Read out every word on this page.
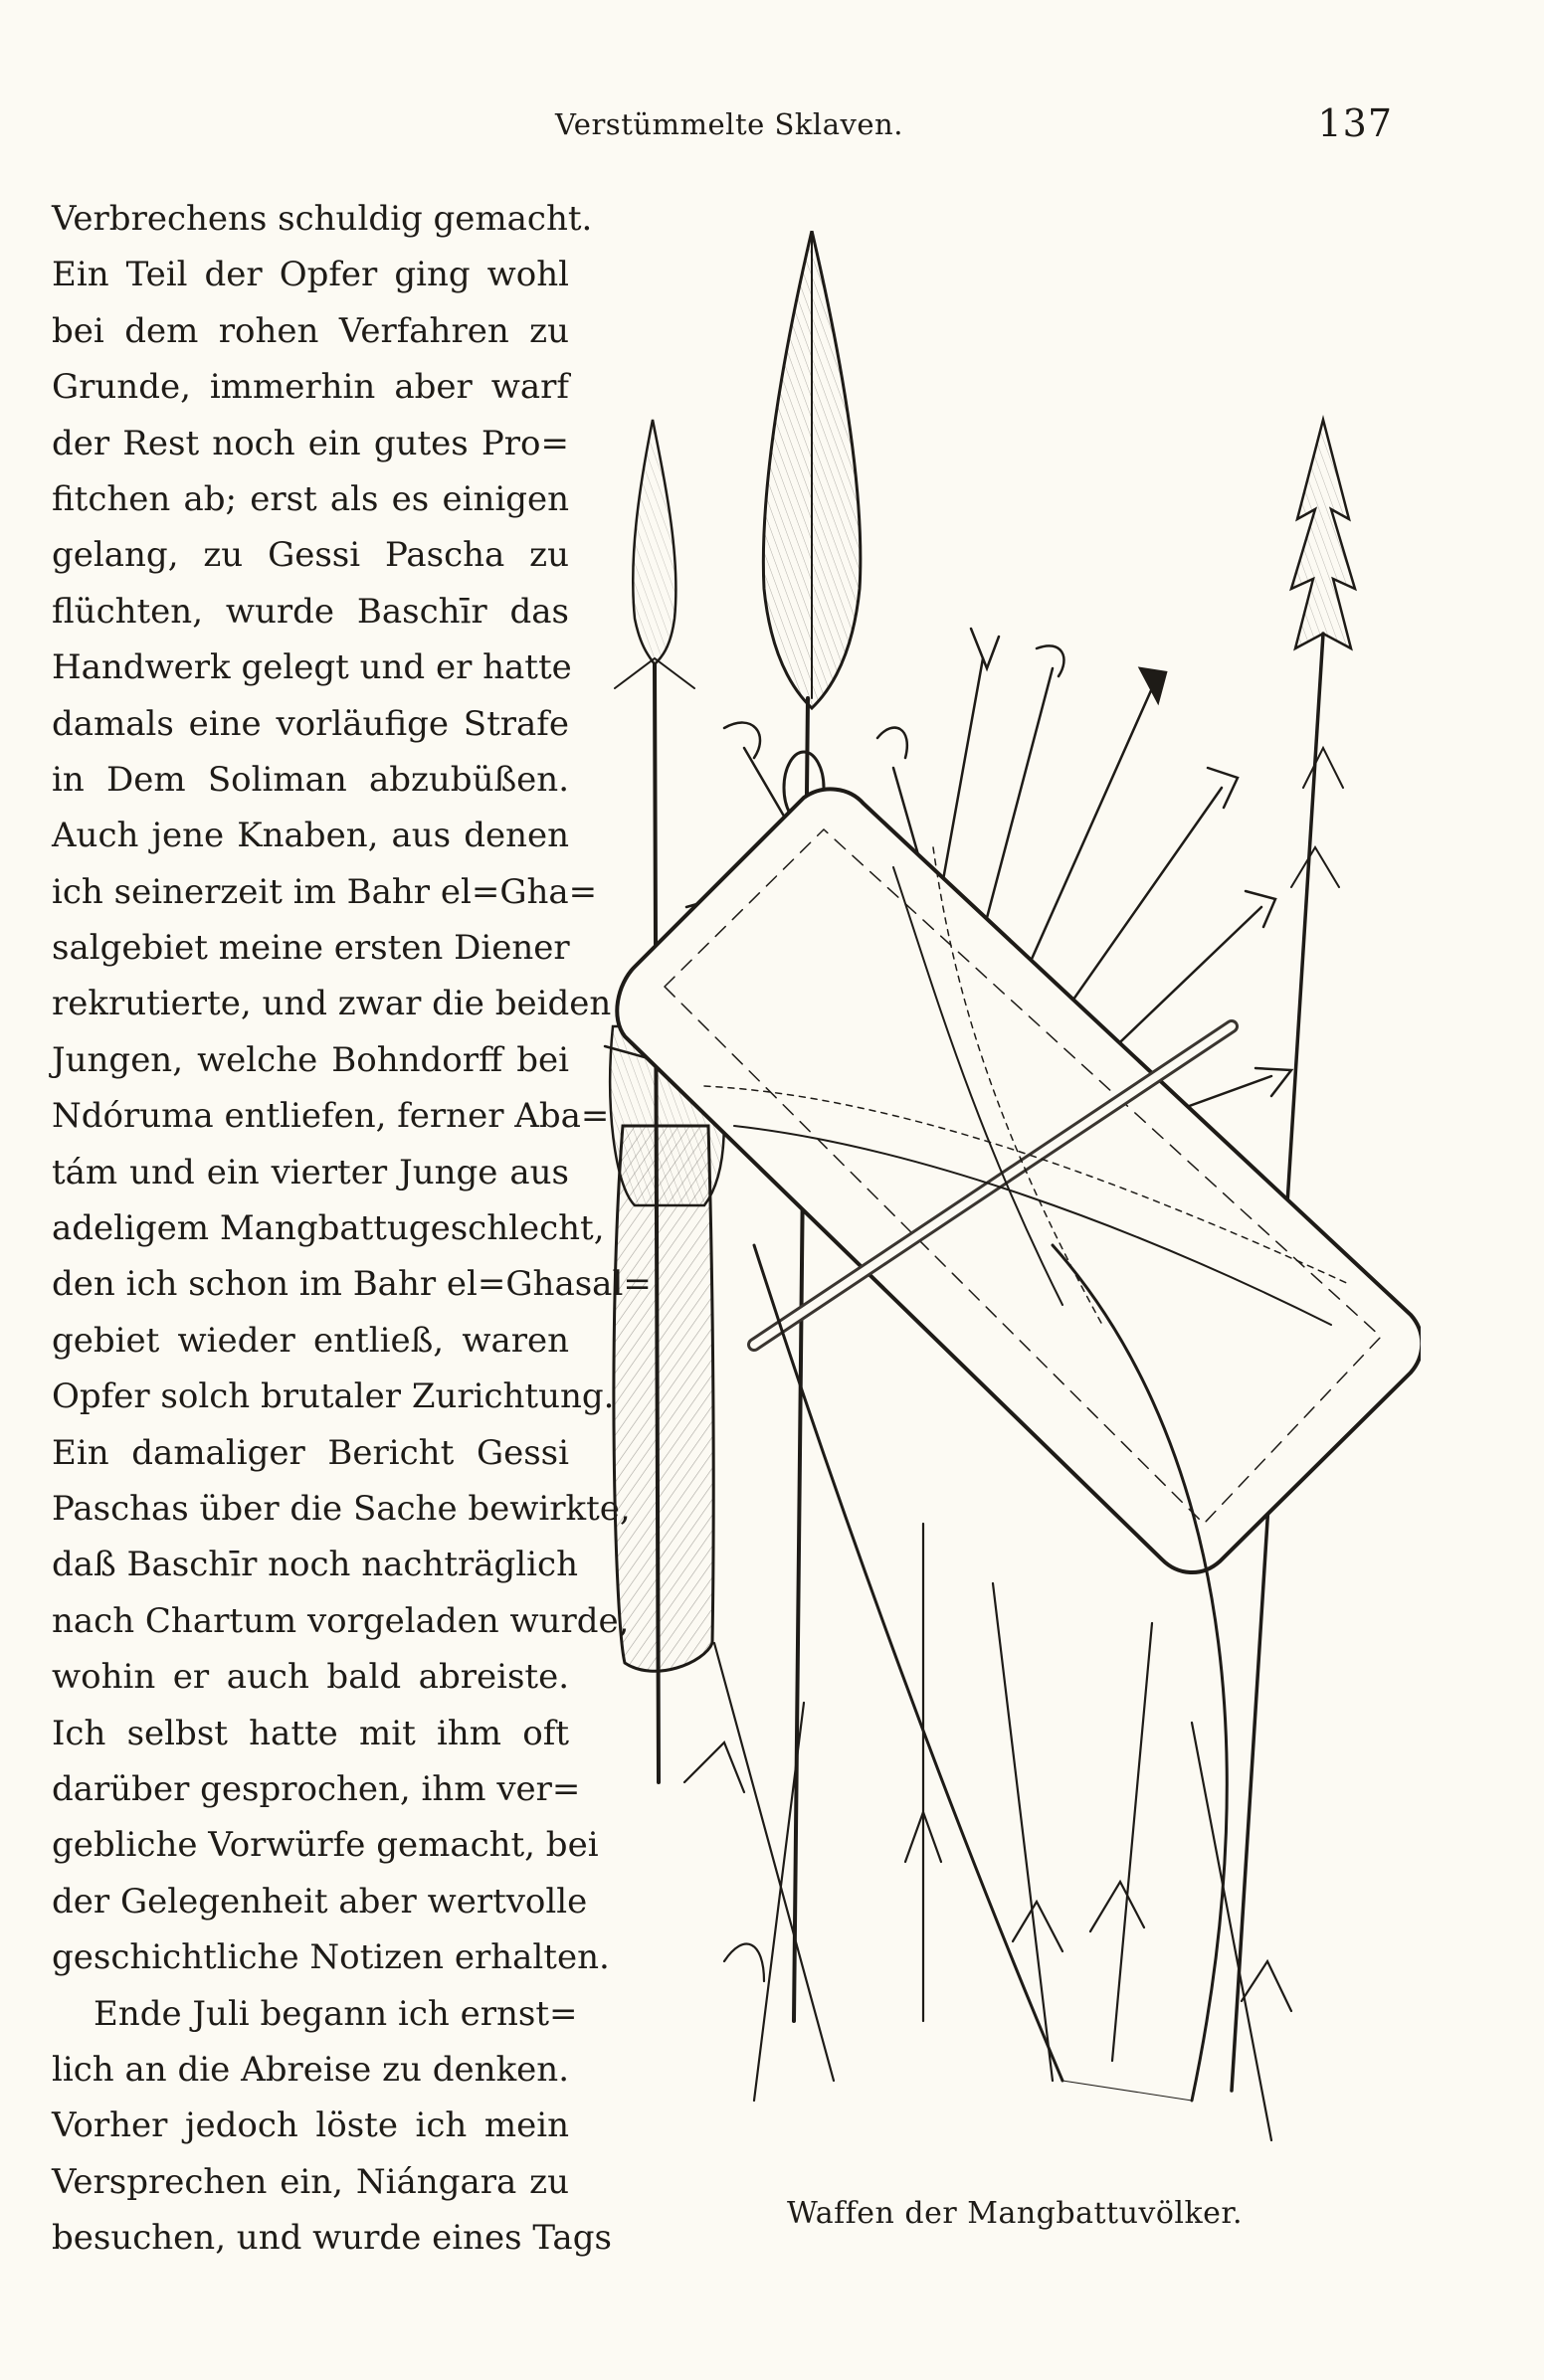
Verstümmelte Sklaven.	137
Verbrechens schuldig gemacht.
Ein Teil der Opfer ging wohl
bei dem rohen Verfahren zu
Grunde, immerhin aber warf
der Rest noch ein gutes Pro=
fitchen ab; erst als es einigen
gelang, zu Gessi Pascha zu
flüchten, wurde Baschīr das
Handwerk gelegt und er hatte
damals eine vorläufige Strafe
in Dem Soliman abzubüßen.
Auch jene Knaben, aus denen
ich seinerzeit im Bahr el=Gha=
salgebiet meine ersten Diener
rekrutierte, und zwar die beiden
Jungen, welche Bohndorff bei
Ndóruma entliefen, ferner Aba=
tám und ein vierter Junge aus
adeligem Mangbattugeschlecht,
den ich schon im Bahr el=Ghasal=
gebiet wieder entließ, waren
Opfer solch brutaler Zurichtung.
Ein damaliger Bericht Gessi
Paschas über die Sache bewirkte,
daß Baschīr noch nachträglich
nach Chartum vorgeladen wurde,
wohin er auch bald abreiste.
Ich selbst hatte mit ihm oft
darüber gesprochen, ihm ver=
gebliche Vorwürfe gemacht, bei
der Gelegenheit aber wertvolle
geschichtliche Notizen erhalten.
Ende Juli begann ich ernst=
lich an die Abreise zu denken.
Vorher jedoch löste ich mein
Versprechen ein, Niángara zu
besuchen, und wurde eines Tags
Waffen der Mangbattuvölker.
